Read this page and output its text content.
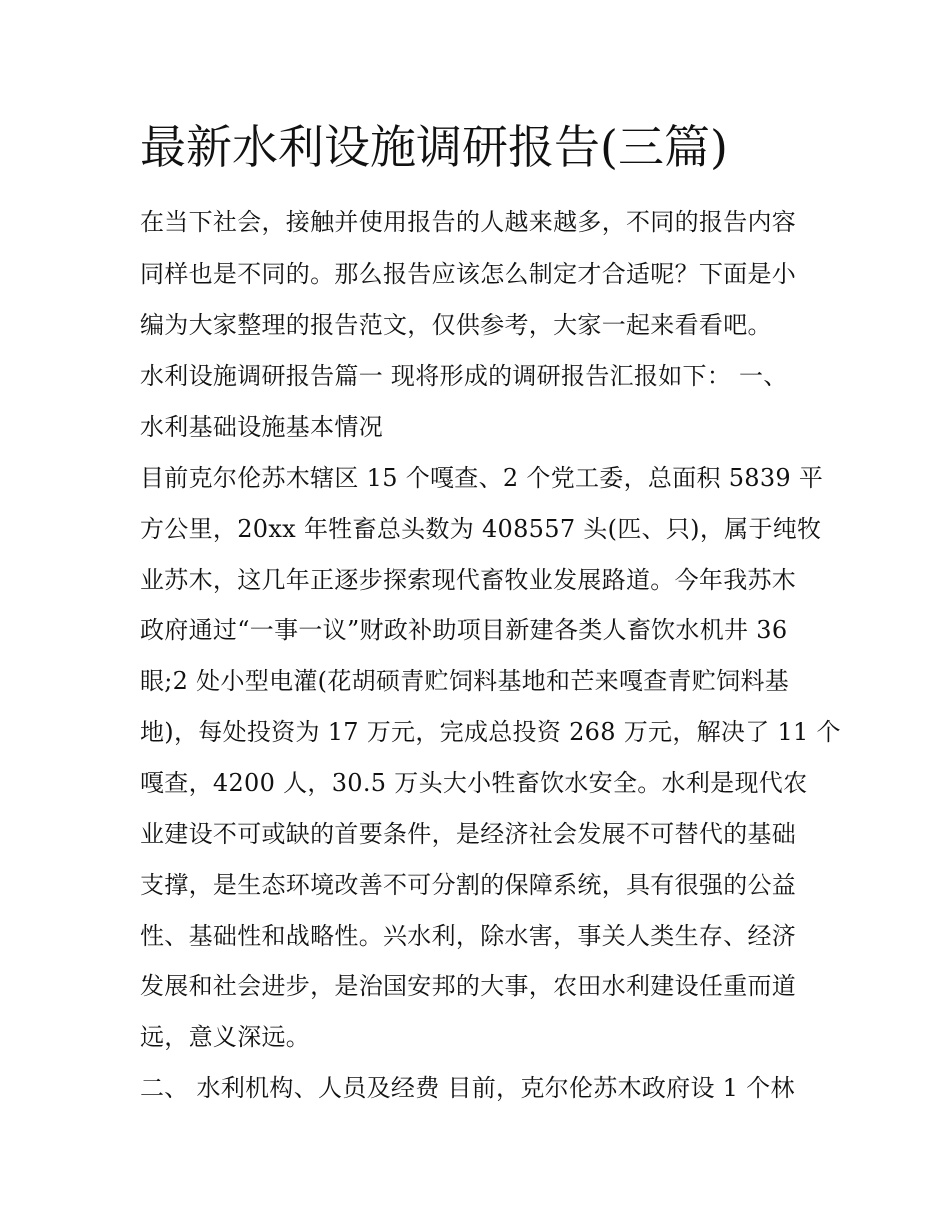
最新水利设施调研报告(三篇)

在当下社会，接触并使用报告的人越来越多，不同的报告内容

同样也是不同的。那么报告应该怎么制定才合适呢？下面是小

编为大家整理的报告范文，仅供参考，大家一起来看看吧。

水利设施调研报告篇一 现将形成的调研报告汇报如下： 一、

水利基础设施基本情况

目前克尔伦苏木辖区 15 个嘎查、2 个党工委，总面积 5839 平

方公里，20xx 年牲畜总头数为 408557 头(匹、只)，属于纯牧

业苏木，这几年正逐步探索现代畜牧业发展路道。今年我苏木

政府通过“一事一议”财政补助项目新建各类人畜饮水机井 36

眼;2 处小型电灌(花胡硕青贮饲料基地和芒来嘎查青贮饲料基

地)，每处投资为 17 万元，完成总投资 268 万元，解决了 11 个

嘎查，4200 人，30.5 万头大小牲畜饮水安全。水利是现代农

业建设不可或缺的首要条件，是经济社会发展不可替代的基础

支撑，是生态环境改善不可分割的保障系统，具有很强的公益

性、基础性和战略性。兴水利，除水害，事关人类生存、经济

发展和社会进步，是治国安邦的大事，农田水利建设任重而道

远，意义深远。

二、 水利机构、人员及经费 目前，克尔伦苏木政府设 1 个林
